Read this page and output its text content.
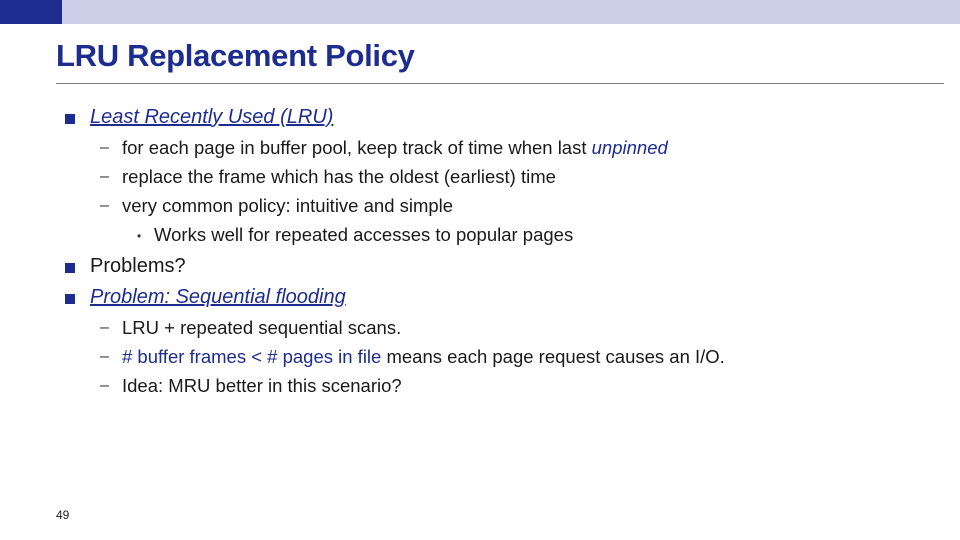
LRU Replacement Policy
Least Recently Used (LRU)
– for each page in buffer pool, keep track of time when last unpinned
– replace the frame which has the oldest (earliest) time
– very common policy: intuitive and simple
• Works well for repeated accesses to popular pages
Problems?
Problem: Sequential flooding
– LRU + repeated sequential scans.
– # buffer frames < # pages in file means each page request causes an I/O.
– Idea: MRU better in this scenario?
49
